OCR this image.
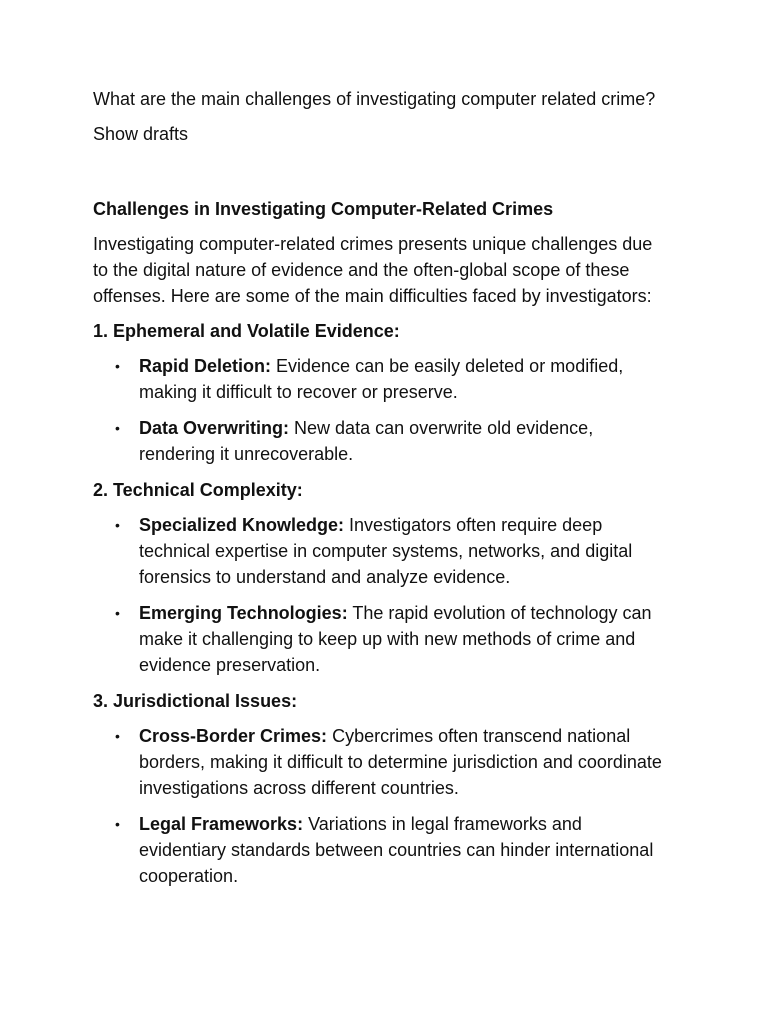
What are the main challenges of investigating computer related crime?

Show drafts

Challenges in Investigating Computer-Related Crimes

Investigating computer-related crimes presents unique challenges due to the digital nature of evidence and the often-global scope of these offenses. Here are some of the main difficulties faced by investigators:

1. Ephemeral and Volatile Evidence:

• Rapid Deletion: Evidence can be easily deleted or modified, making it difficult to recover or preserve.
• Data Overwriting: New data can overwrite old evidence, rendering it unrecoverable.

2. Technical Complexity:

• Specialized Knowledge: Investigators often require deep technical expertise in computer systems, networks, and digital forensics to understand and analyze evidence.
• Emerging Technologies: The rapid evolution of technology can make it challenging to keep up with new methods of crime and evidence preservation.

3. Jurisdictional Issues:

• Cross-Border Crimes: Cybercrimes often transcend national borders, making it difficult to determine jurisdiction and coordinate investigations across different countries.
• Legal Frameworks: Variations in legal frameworks and evidentiary standards between countries can hinder international cooperation.
